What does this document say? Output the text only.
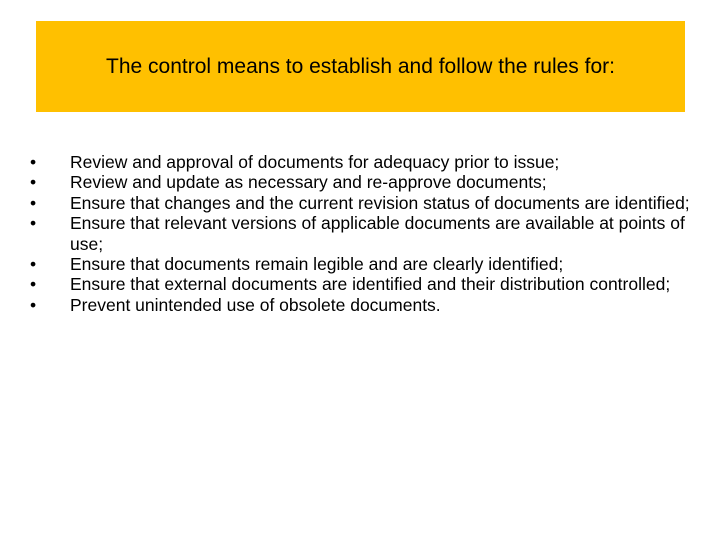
The control means to establish and follow the rules for:
•	Review and approval of documents for adequacy prior to issue;
•	Review and update as necessary and re-approve documents;
•	Ensure that changes and the current revision status of documents are identified;
•	Ensure that relevant versions of applicable documents are available at points of use;
•	Ensure that documents remain legible and are clearly identified;
•	Ensure that external documents are identified and their distribution controlled;
•	Prevent unintended use of obsolete documents.
